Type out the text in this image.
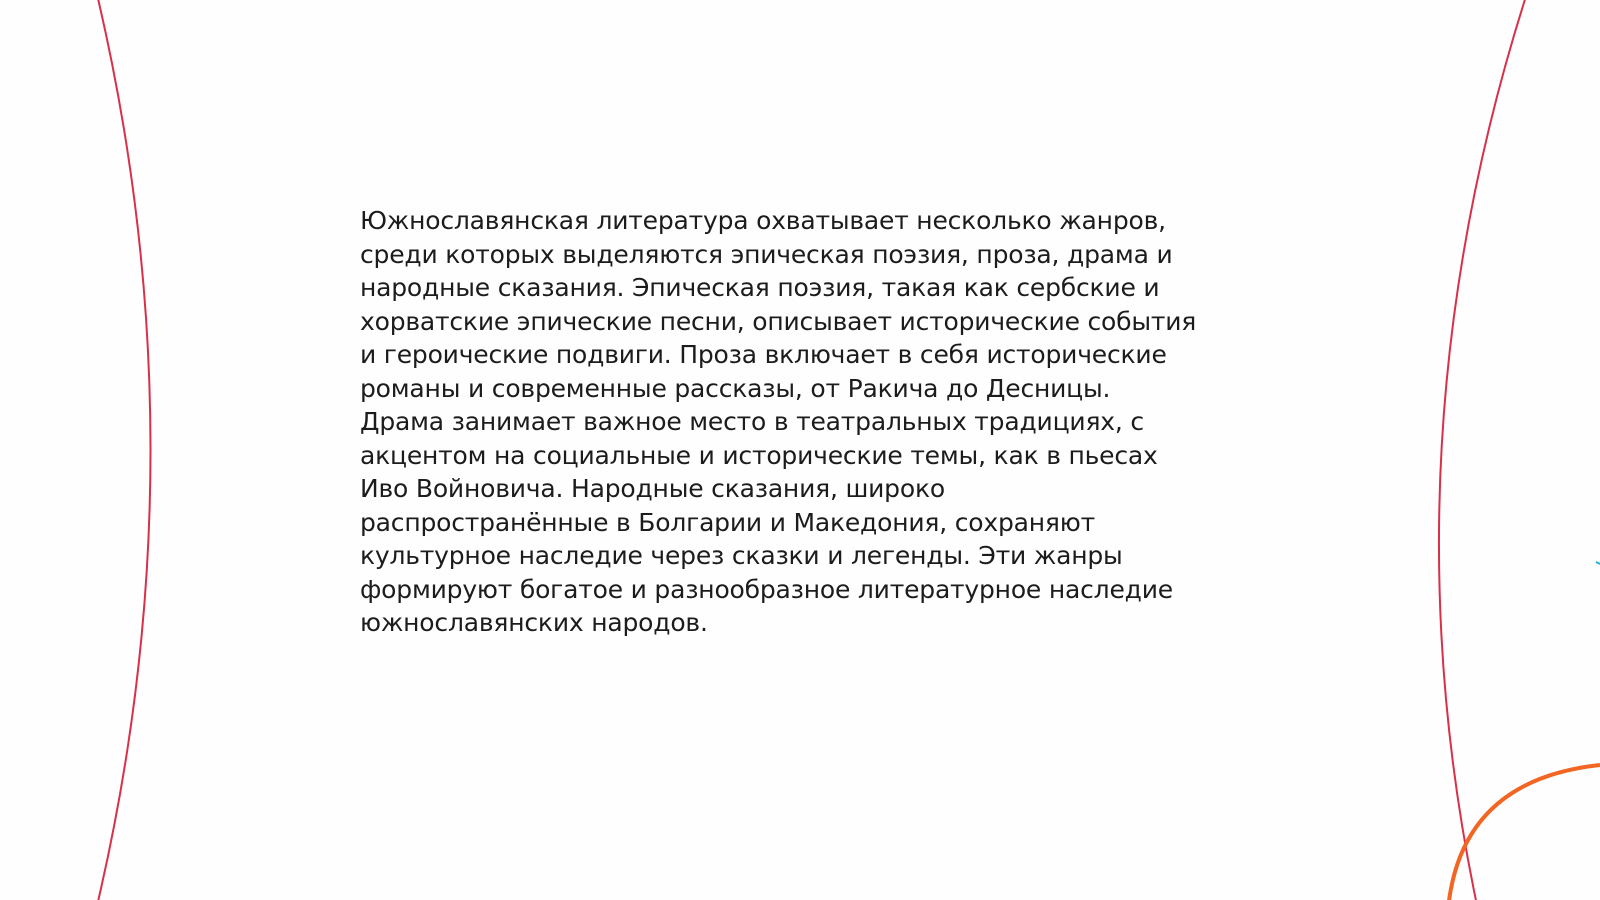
Южнославянская литература охватывает несколько жанров,
среди которых выделяются эпическая поэзия, проза, драма и
народные сказания. Эпическая поэзия, такая как сербские и
хорватские эпические песни, описывает исторические события
и героические подвиги. Проза включает в себя исторические
романы и современные рассказы, от Ракича до Десницы.
Драма занимает важное место в театральных традициях, с
акцентом на социальные и исторические темы, как в пьесах
Иво Войновича. Народные сказания, широко
распространённые в Болгарии и Македония, сохраняют
культурное наследие через сказки и легенды. Эти жанры
формируют богатое и разнообразное литературное наследие
южнославянских народов.
